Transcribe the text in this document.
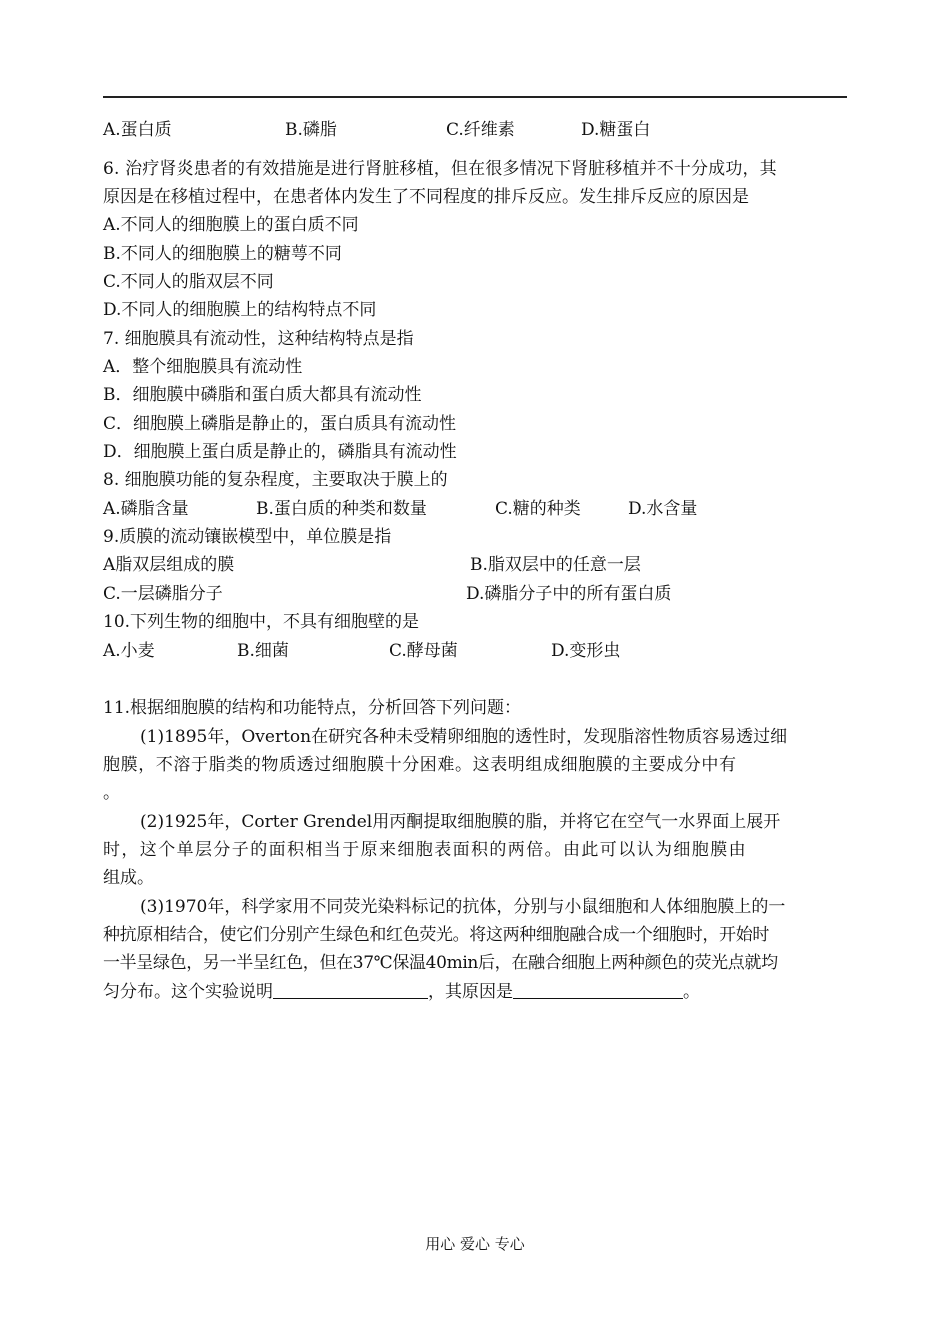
A.蛋白质	B.磷脂	C.纤维素	D.糖蛋白
6. 治疗肾炎患者的有效措施是进行肾脏移植，但在很多情况下肾脏移植并不十分成功，其
原因是在移植过程中，在患者体内发生了不同程度的排斥反应。发生排斥反应的原因是
A.不同人的细胞膜上的蛋白质不同
B.不同人的细胞膜上的糖萼不同
C.不同人的脂双层不同
D.不同人的细胞膜上的结构特点不同
7. 细胞膜具有流动性，这种结构特点是指
A．整个细胞膜具有流动性
B．细胞膜中磷脂和蛋白质大都具有流动性
C．细胞膜上磷脂是静止的，蛋白质具有流动性
D．细胞膜上蛋白质是静止的，磷脂具有流动性
8. 细胞膜功能的复杂程度，主要取决于膜上的
A.磷脂含量	B.蛋白质的种类和数量	C.糖的种类	D.水含量
9.质膜的流动镶嵌模型中，单位膜是指
A脂双层组成的膜	B.脂双层中的任意一层
C.一层磷脂分子	D.磷脂分子中的所有蛋白质
10.下列生物的细胞中，不具有细胞壁的是
A.小麦	B.细菌	C.酵母菌	D.变形虫
11.根据细胞膜的结构和功能特点，分析回答下列问题：
(1)1895年，Overton在研究各种未受精卵细胞的透性时，发现脂溶性物质容易透过细
胞膜，不溶于脂类的物质透过细胞膜十分困难。这表明组成细胞膜的主要成分中有
。
(2)1925年，Corter Grendel用丙酮提取细胞膜的脂，并将它在空气一水界面上展开
时，这个单层分子的面积相当于原来细胞表面积的两倍。由此可以认为细胞膜由
组成。
(3)1970年，科学家用不同荧光染料标记的抗体，分别与小鼠细胞和人体细胞膜上的一
种抗原相结合，使它们分别产生绿色和红色荧光。将这两种细胞融合成一个细胞时，开始时
一半呈绿色，另一半呈红色，但在37℃保温40min后，在融合细胞上两种颜色的荧光点就均
匀分布。这个实验说明	，其原因是	。
用心 爱心 专心
